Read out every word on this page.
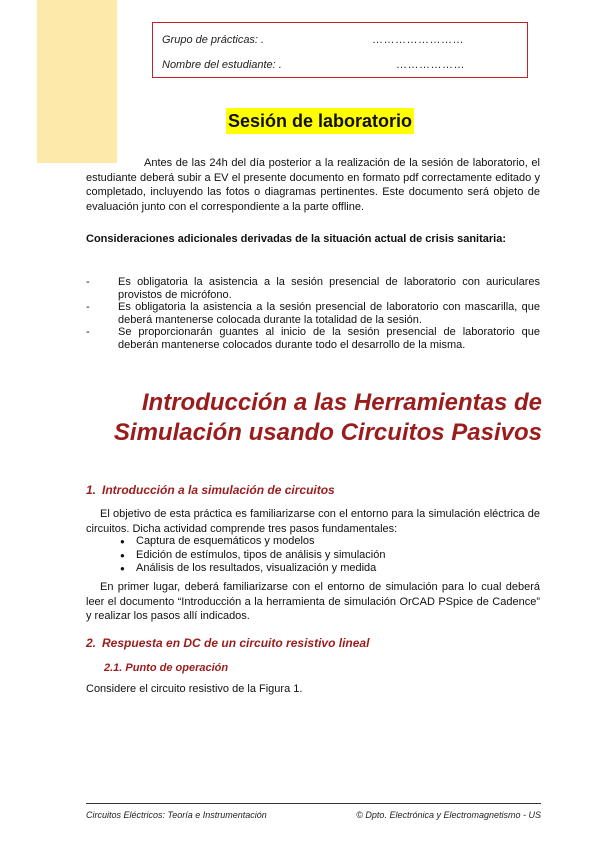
Grupo de prácticas: .	……………………
Nombre del estudiante: .	………………
Sesión de laboratorio
Antes de las 24h del día posterior a la realización de la sesión de laboratorio, el estudiante deberá subir a EV el presente documento en formato pdf correctamente editado y completado, incluyendo las fotos o diagramas pertinentes. Este documento será objeto de evaluación junto con el correspondiente a la parte offline.
Consideraciones adicionales derivadas de la situación actual de crisis sanitaria:
- Es obligatoria la asistencia a la sesión presencial de laboratorio con auriculares provistos de micrófono.
- Es obligatoria la asistencia a la sesión presencial de laboratorio con mascarilla, que deberá mantenerse colocada durante la totalidad de la sesión.
- Se proporcionarán guantes al inicio de la sesión presencial de laboratorio que deberán mantenerse colocados durante todo el desarrollo de la misma.
Introducción a las Herramientas de
Simulación usando Circuitos Pasivos
1. Introducción a la simulación de circuitos
El objetivo de esta práctica es familiarizarse con el entorno para la simulación eléctrica de circuitos. Dicha actividad comprende tres pasos fundamentales:
● Captura de esquemáticos y modelos
● Edición de estímulos, tipos de análisis y simulación
● Análisis de los resultados, visualización y medida
En primer lugar, deberá familiarizarse con el entorno de simulación para lo cual deberá leer el documento “Introducción a la herramienta de simulación OrCAD PSpice de Cadence” y realizar los pasos allí indicados.
2. Respuesta en DC de un circuito resistivo lineal
2.1. Punto de operación
Considere el circuito resistivo de la Figura 1.
Circuitos Eléctricos: Teoría e Instrumentación	© Dpto. Electrónica y Electromagnetismo - US
